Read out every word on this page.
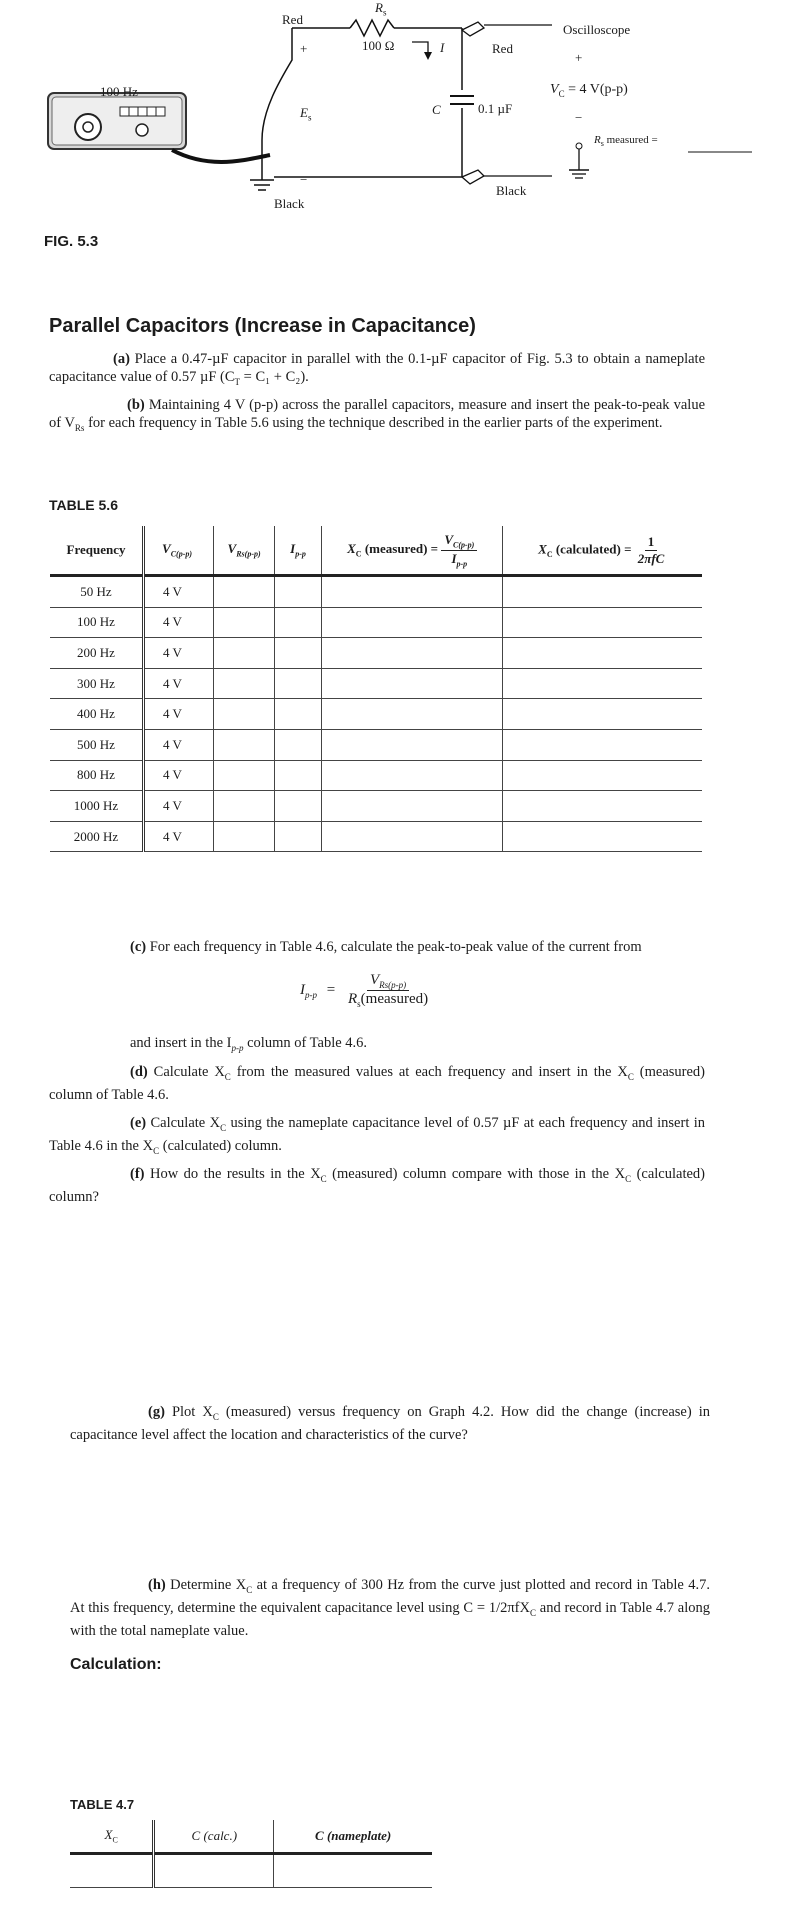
Red
$R_s$
100 Ω	I
+
$E_s$
−
C	0.1 µF
Red
Oscilloscope
+
$V_C = 4$ V(p-p)
−
$R_s$ measured =
100 Hz
Black
Black
FIG. 5.3
Parallel Capacitors (Increase in Capacitance)
(a) Place a 0.47-µF capacitor in parallel with the 0.1-µF capacitor of Fig. 5.3 to obtain a nameplate capacitance value of 0.57 µF $(C_T = C_1 + C_2)$.
(b) Maintaining 4 V (p-p) across the parallel capacitors, measure and insert the peak-to-peak value of $V_{Rs}$ for each frequency in Table 5.6 using the technique described in the earlier parts of the experiment.
TABLE 5.6
Frequency	$V_{C(p-p)}$	$V_{Rs(p-p)}$	$I_{p-p}$	$X_C$ (measured) = $\frac{V_{C(p-p)}}{I_{p-p}}$	$X_C$ (calculated) = $\frac{1}{\text{2πfC}}$

50 Hz	4 V				
100 Hz	4 V				
200 Hz	4 V				
300 Hz	4 V				
400 Hz	4 V				
500 Hz	4 V				
800 Hz	4 V				
1000 Hz	4 V				
2000 Hz	4 V				
(c) For each frequency in Table 4.6, calculate the peak-to-peak value of the current from
$I_{p-p} = \frac{V_{Rs(p-p)}}{R_s(measured)}$
and insert in the $I_{p-p}$ column of Table 4.6.
(d) Calculate $X_C$ from the measured values at each frequency and insert in the $X_C$ (measured) column of Table 4.6.
(e) Calculate $X_C$ using the nameplate capacitance level of 0.57 µF at each frequency and insert in Table 4.6 in the $X_C$ (calculated) column.
(f) How do the results in the $X_C$ (measured) column compare with those in the $X_C$ (calculated) column?
(g) Plot $X_C$ (measured) versus frequency on Graph 4.2. How did the change (increase) in capacitance level affect the location and characteristics of the curve?
(h) Determine $X_C$ at a frequency of 300 Hz from the curve just plotted and record in Table 4.7. At this frequency, determine the equivalent capacitance level using C = 1/2πfX$_C$ and record in Table 4.7 along with the total nameplate value.
Calculation:
TABLE 4.7
$X_C$	C (calc.)	C (nameplate)
